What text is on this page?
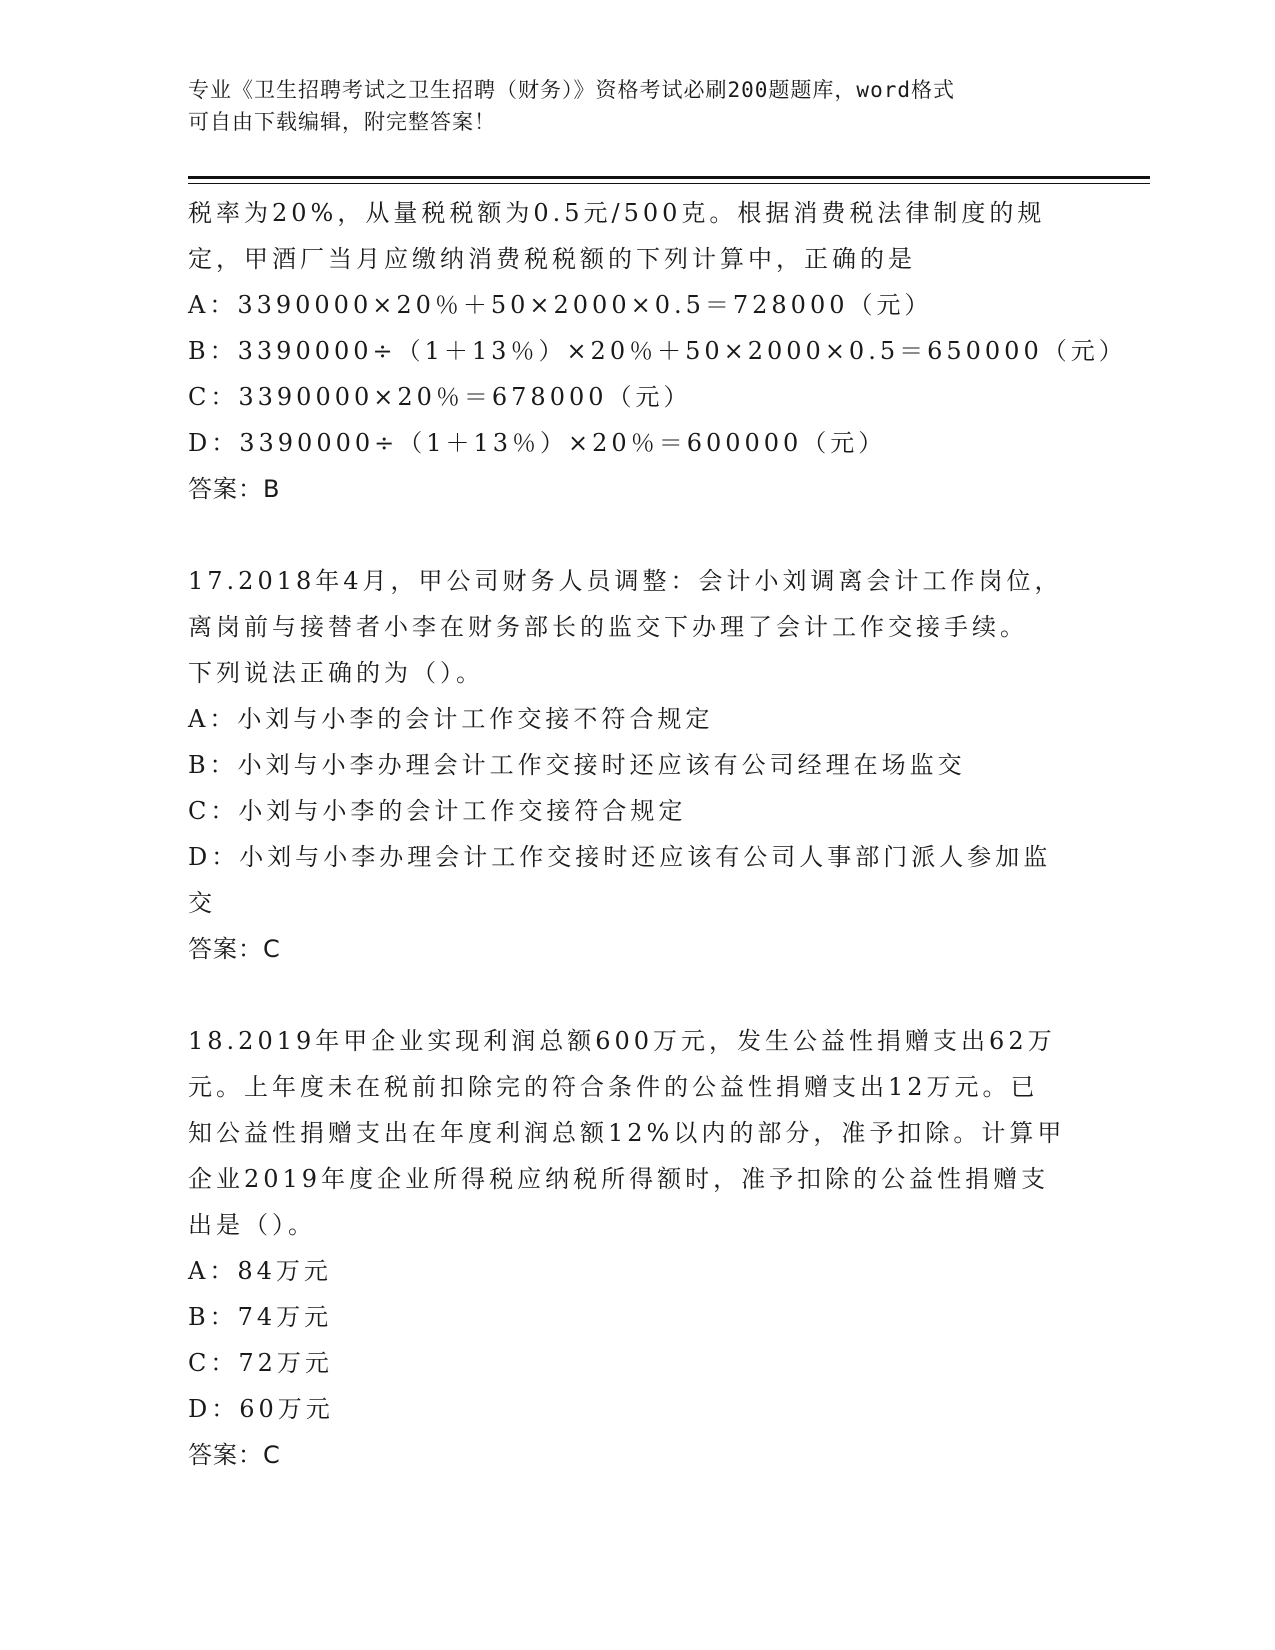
专业《卫生招聘考试之卫生招聘（财务）》资格考试必刷200题题库，word格式
可自由下载编辑，附完整答案！
税率为20%，从量税税额为0.5元/500克。根据消费税法律制度的规
定，甲酒厂当月应缴纳消费税税额的下列计算中，正确的是
A：3390000×20％＋50×2000×0.5＝728000（元）
B：3390000÷（1＋13％）×20％＋50×2000×0.5＝650000（元）
C：3390000×20％＝678000（元）
D：3390000÷（1＋13％）×20％＝600000（元）
答案：B
17.2018年4月，甲公司财务人员调整：会计小刘调离会计工作岗位，
离岗前与接替者小李在财务部长的监交下办理了会计工作交接手续。
下列说法正确的为（）。
A：小刘与小李的会计工作交接不符合规定
B：小刘与小李办理会计工作交接时还应该有公司经理在场监交
C：小刘与小李的会计工作交接符合规定
D：小刘与小李办理会计工作交接时还应该有公司人事部门派人参加监
交
答案：C
18.2019年甲企业实现利润总额600万元，发生公益性捐赠支出62万
元。上年度未在税前扣除完的符合条件的公益性捐赠支出12万元。已
知公益性捐赠支出在年度利润总额12%以内的部分，准予扣除。计算甲
企业2019年度企业所得税应纳税所得额时，准予扣除的公益性捐赠支
出是（）。
A：84万元
B：74万元
C：72万元
D：60万元
答案：C
